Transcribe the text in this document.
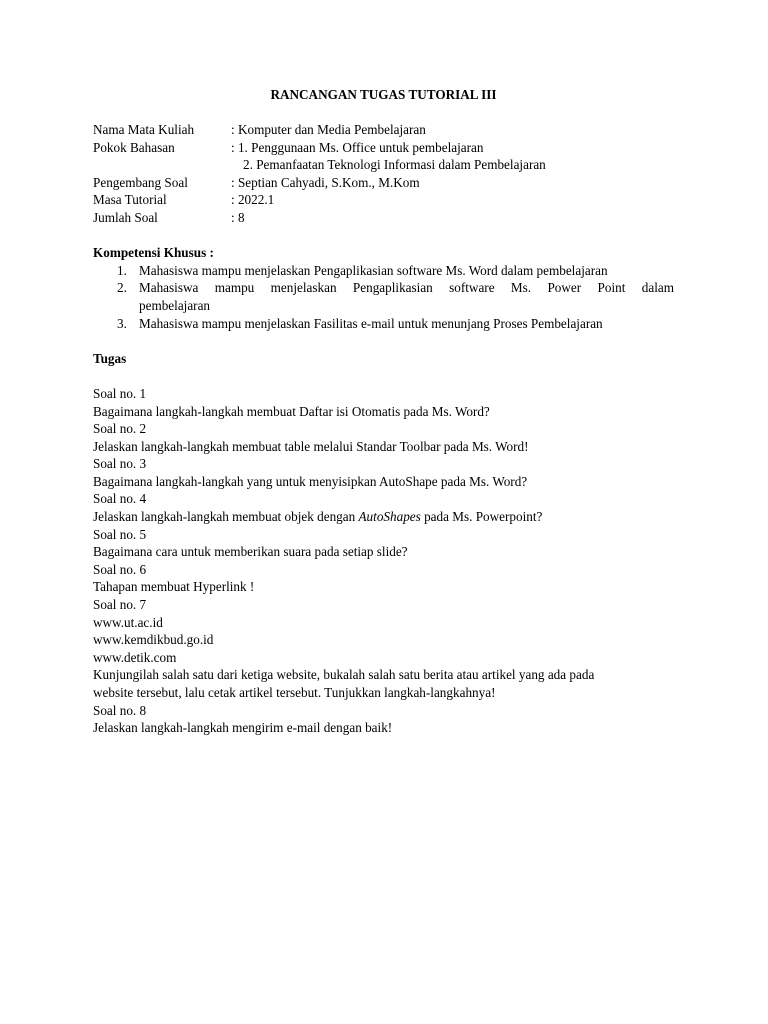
RANCANGAN TUGAS TUTORIAL III
Nama Mata Kuliah	: Komputer dan Media Pembelajaran
Pokok Bahasan	: 1. Penggunaan Ms. Office untuk pembelajaran
2. Pemanfaatan Teknologi Informasi dalam Pembelajaran
Pengembang Soal	: Septian Cahyadi, S.Kom., M.Kom
Masa Tutorial	: 2022.1
Jumlah Soal	: 8
Kompetensi Khusus :
1. Mahasiswa mampu menjelaskan Pengaplikasian software Ms. Word dalam pembelajaran
2. Mahasiswa mampu menjelaskan Pengaplikasian software Ms. Power Point dalam
pembelajaran
3. Mahasiswa mampu menjelaskan Fasilitas e-mail untuk menunjang Proses Pembelajaran
Tugas
Soal no. 1
Bagaimana langkah-langkah membuat Daftar isi Otomatis pada Ms. Word?
Soal no. 2
Jelaskan langkah-langkah membuat table melalui Standar Toolbar pada Ms. Word!
Soal no. 3
Bagaimana langkah-langkah yang untuk menyisipkan AutoShape pada Ms. Word?
Soal no. 4
Jelaskan langkah-langkah membuat objek dengan AutoShapes pada Ms. Powerpoint?
Soal no. 5
Bagaimana cara untuk memberikan suara pada setiap slide?
Soal no. 6
Tahapan membuat Hyperlink !
Soal no. 7
www.ut.ac.id
www.kemdikbud.go.id
www.detik.com
Kunjungilah salah satu dari ketiga website, bukalah salah satu berita atau artikel yang ada pada
website tersebut, lalu cetak artikel tersebut. Tunjukkan langkah-langkahnya!
Soal no. 8
Jelaskan langkah-langkah mengirim e-mail dengan baik!
